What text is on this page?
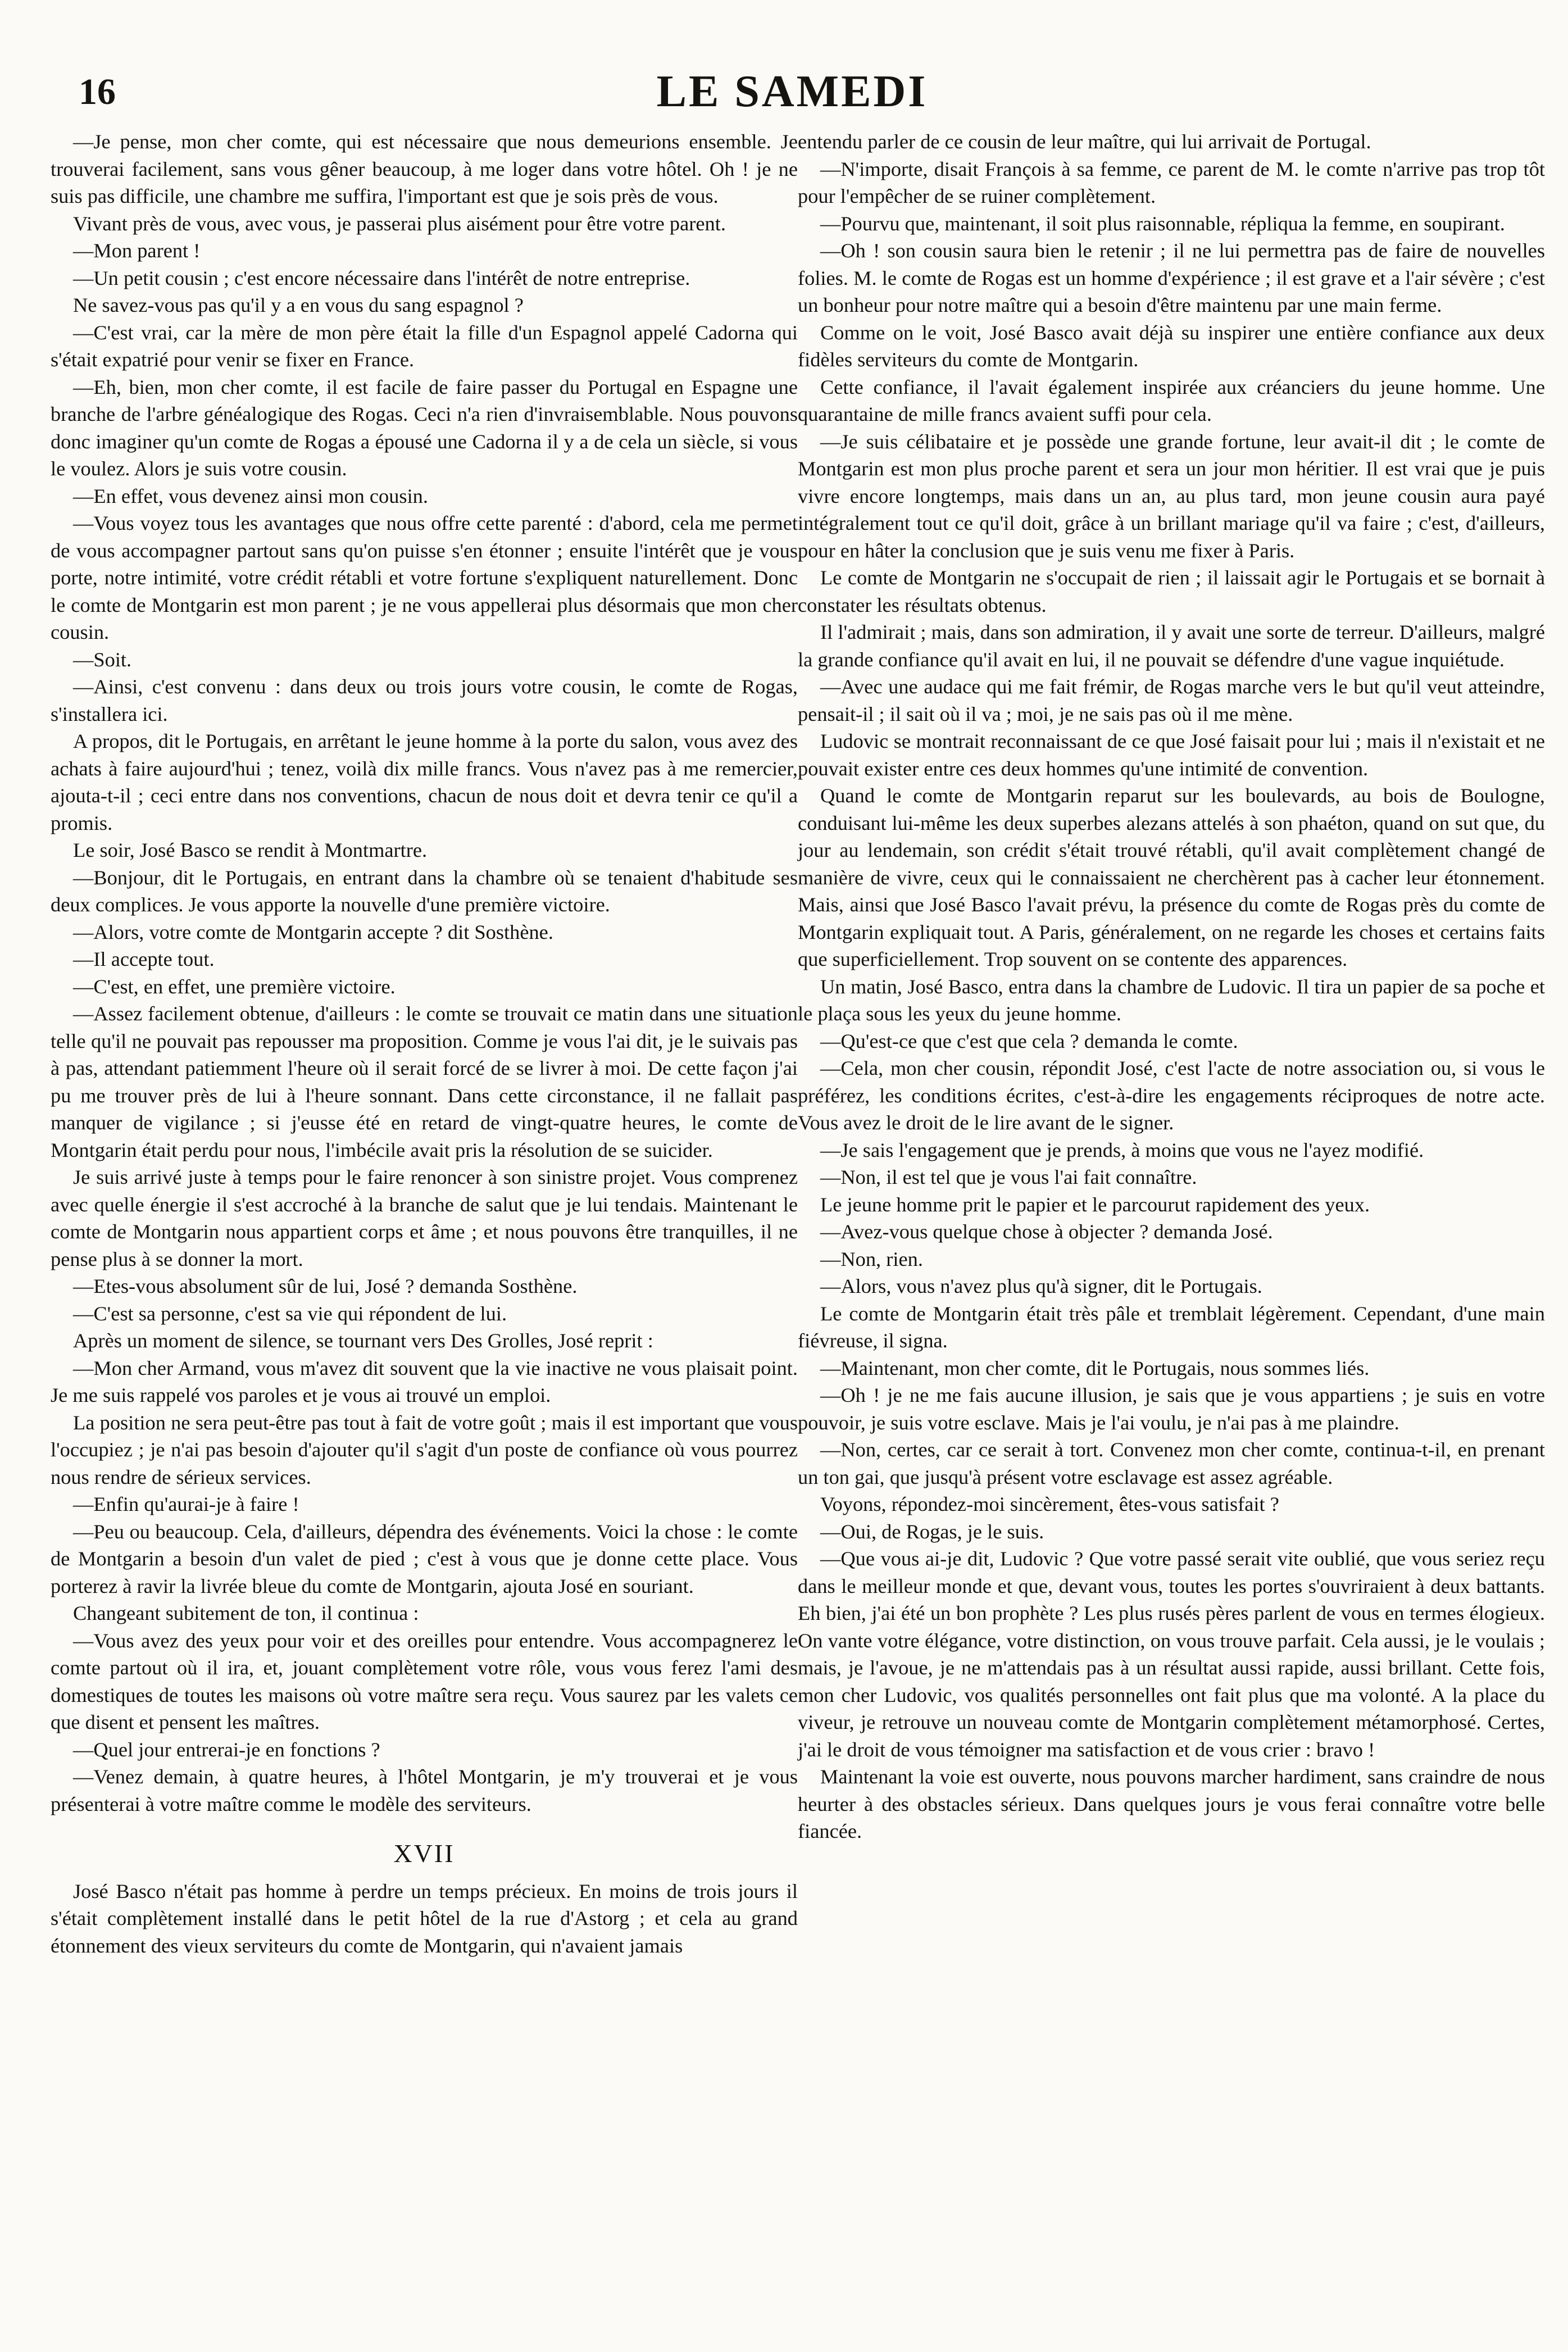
16	LE SAMEDI

—Je pense, mon cher comte, qui est nécessaire que nous demeurions ensemble. Je trouverai facilement, sans vous gêner beaucoup, à me loger dans votre hôtel. Oh ! je ne suis pas difficile, une chambre me suffira, l'important est que je sois près de vous.

Vivant près de vous, avec vous, je passerai plus aisément pour être votre parent.

—Mon parent !

—Un petit cousin ; c'est encore nécessaire dans l'intérêt de notre entreprise.

Ne savez-vous pas qu'il y a en vous du sang espagnol ?

—C'est vrai, car la mère de mon père était la fille d'un Espagnol appelé Cadorna qui s'était expatrié pour venir se fixer en France.

—Eh, bien, mon cher comte, il est facile de faire passer du Portugal en Espagne une branche de l'arbre généalogique des Rogas. Ceci n'a rien d'invraisemblable. Nous pouvons donc imaginer qu'un comte de Rogas a épousé une Cadorna il y a de cela un siècle, si vous le voulez. Alors je suis votre cousin.

—En effet, vous devenez ainsi mon cousin.

—Vous voyez tous les avantages que nous offre cette parenté : d'abord, cela me permet de vous accompagner partout sans qu'on puisse s'en étonner ; ensuite l'intérêt que je vous porte, notre intimité, votre crédit rétabli et votre fortune s'expliquent naturellement. Donc le comte de Montgarin est mon parent ; je ne vous appellerai plus désormais que mon cher cousin.

—Soit.

—Ainsi, c'est convenu : dans deux ou trois jours votre cousin, le comte de Rogas, s'installera ici.

A propos, dit le Portugais, en arrêtant le jeune homme à la porte du salon, vous avez des achats à faire aujourd'hui ; tenez, voilà dix mille francs. Vous n'avez pas à me remercier, ajouta-t-il ; ceci entre dans nos conventions, chacun de nous doit et devra tenir ce qu'il a promis.

Le soir, José Basco se rendit à Montmartre.

—Bonjour, dit le Portugais, en entrant dans la chambre où se tenaient d'habitude ses deux complices. Je vous apporte la nouvelle d'une première victoire.

—Alors, votre comte de Montgarin accepte ? dit Sosthène.

—Il accepte tout.

—C'est, en effet, une première victoire.

—Assez facilement obtenue, d'ailleurs : le comte se trouvait ce matin dans une situation telle qu'il ne pouvait pas repousser ma proposition. Comme je vous l'ai dit, je le suivais pas à pas, attendant patiemment l'heure où il serait forcé de se livrer à moi. De cette façon j'ai pu me trouver près de lui à l'heure sonnant. Dans cette circonstance, il ne fallait pas manquer de vigilance ; si j'eusse été en retard de vingt-quatre heures, le comte de Montgarin était perdu pour nous, l'imbécile avait pris la résolution de se suicider.

Je suis arrivé juste à temps pour le faire renoncer à son sinistre projet. Vous comprenez avec quelle énergie il s'est accroché à la branche de salut que je lui tendais. Maintenant le comte de Montgarin nous appartient corps et âme ; et nous pouvons être tranquilles, il ne pense plus à se donner la mort.

—Etes-vous absolument sûr de lui, José ? demanda Sosthène.

—C'est sa personne, c'est sa vie qui répondent de lui.

Après un moment de silence, se tournant vers Des Grolles, José reprit :

—Mon cher Armand, vous m'avez dit souvent que la vie inactive ne vous plaisait point. Je me suis rappelé vos paroles et je vous ai trouvé un emploi.

La position ne sera peut-être pas tout à fait de votre goût ; mais il est important que vous l'occupiez ; je n'ai pas besoin d'ajouter qu'il s'agit d'un poste de confiance où vous pourrez nous rendre de sérieux services.

—Enfin qu'aurai-je à faire !

—Peu ou beaucoup. Cela, d'ailleurs, dépendra des événements. Voici la chose : le comte de Montgarin a besoin d'un valet de pied ; c'est à vous que je donne cette place. Vous porterez à ravir la livrée bleue du comte de Montgarin, ajouta José en souriant.

Changeant subitement de ton, il continua :

—Vous avez des yeux pour voir et des oreilles pour entendre. Vous accompagnerez le comte partout où il ira, et, jouant complètement votre rôle, vous vous ferez l'ami des domestiques de toutes les maisons où votre maître sera reçu. Vous saurez par les valets ce que disent et pensent les maîtres.

—Quel jour entrerai-je en fonctions ?

—Venez demain, à quatre heures, à l'hôtel Montgarin, je m'y trouverai et je vous présenterai à votre maître comme le modèle des serviteurs.

XVII

José Basco n'était pas homme à perdre un temps précieux. En moins de trois jours il s'était complètement installé dans le petit hôtel de la rue d'Astorg ; et cela au grand étonnement des vieux serviteurs du comte de Montgarin, qui n'avaient jamais

entendu parler de ce cousin de leur maître, qui lui arrivait de Portugal.

—N'importe, disait François à sa femme, ce parent de M. le comte n'arrive pas trop tôt pour l'empêcher de se ruiner complètement.

—Pourvu que, maintenant, il soit plus raisonnable, répliqua la femme, en soupirant.

—Oh ! son cousin saura bien le retenir ; il ne lui permettra pas de faire de nouvelles folies. M. le comte de Rogas est un homme d'expérience ; il est grave et a l'air sévère ; c'est un bonheur pour notre maître qui a besoin d'être maintenu par une main ferme.

Comme on le voit, José Basco avait déjà su inspirer une entière confiance aux deux fidèles serviteurs du comte de Montgarin.

Cette confiance, il l'avait également inspirée aux créanciers du jeune homme. Une quarantaine de mille francs avaient suffi pour cela.

—Je suis célibataire et je possède une grande fortune, leur avait-il dit ; le comte de Montgarin est mon plus proche parent et sera un jour mon héritier. Il est vrai que je puis vivre encore longtemps, mais dans un an, au plus tard, mon jeune cousin aura payé intégralement tout ce qu'il doit, grâce à un brillant mariage qu'il va faire ; c'est, d'ailleurs, pour en hâter la conclusion que je suis venu me fixer à Paris.

Le comte de Montgarin ne s'occupait de rien ; il laissait agir le Portugais et se bornait à constater les résultats obtenus.

Il l'admirait ; mais, dans son admiration, il y avait une sorte de terreur. D'ailleurs, malgré la grande confiance qu'il avait en lui, il ne pouvait se défendre d'une vague inquiétude.

—Avec une audace qui me fait frémir, de Rogas marche vers le but qu'il veut atteindre, pensait-il ; il sait où il va ; moi, je ne sais pas où il me mène.

Ludovic se montrait reconnaissant de ce que José faisait pour lui ; mais il n'existait et ne pouvait exister entre ces deux hommes qu'une intimité de convention.

Quand le comte de Montgarin reparut sur les boulevards, au bois de Boulogne, conduisant lui-même les deux superbes alezans attelés à son phaéton, quand on sut que, du jour au lendemain, son crédit s'était trouvé rétabli, qu'il avait complètement changé de manière de vivre, ceux qui le connaissaient ne cherchèrent pas à cacher leur étonnement. Mais, ainsi que José Basco l'avait prévu, la présence du comte de Rogas près du comte de Montgarin expliquait tout. A Paris, généralement, on ne regarde les choses et certains faits que superficiellement. Trop souvent on se contente des apparences.

Un matin, José Basco, entra dans la chambre de Ludovic. Il tira un papier de sa poche et le plaça sous les yeux du jeune homme.

—Qu'est-ce que c'est que cela ? demanda le comte.

—Cela, mon cher cousin, répondit José, c'est l'acte de notre association ou, si vous le préférez, les conditions écrites, c'est-à-dire les engagements réciproques de notre acte. Vous avez le droit de le lire avant de le signer.

—Je sais l'engagement que je prends, à moins que vous ne l'ayez modifié.

—Non, il est tel que je vous l'ai fait connaître.

Le jeune homme prit le papier et le parcourut rapidement des yeux.

—Avez-vous quelque chose à objecter ? demanda José.

—Non, rien.

—Alors, vous n'avez plus qu'à signer, dit le Portugais.

Le comte de Montgarin était très pâle et tremblait légèrement. Cependant, d'une main fiévreuse, il signa.

—Maintenant, mon cher comte, dit le Portugais, nous sommes liés.

—Oh ! je ne me fais aucune illusion, je sais que je vous appartiens ; je suis en votre pouvoir, je suis votre esclave. Mais je l'ai voulu, je n'ai pas à me plaindre.

—Non, certes, car ce serait à tort. Convenez mon cher comte, continua-t-il, en prenant un ton gai, que jusqu'à présent votre esclavage est assez agréable.

Voyons, répondez-moi sincèrement, êtes-vous satisfait ?

—Oui, de Rogas, je le suis.

—Que vous ai-je dit, Ludovic ? Que votre passé serait vite oublié, que vous seriez reçu dans le meilleur monde et que, devant vous, toutes les portes s'ouvriraient à deux battants. Eh bien, j'ai été un bon prophète ? Les plus rusés pères parlent de vous en termes élogieux. On vante votre élégance, votre distinction, on vous trouve parfait. Cela aussi, je le voulais ; mais, je l'avoue, je ne m'attendais pas à un résultat aussi rapide, aussi brillant. Cette fois, mon cher Ludovic, vos qualités personnelles ont fait plus que ma volonté. A la place du viveur, je retrouve un nouveau comte de Montgarin complètement métamorphosé. Certes, j'ai le droit de vous témoigner ma satisfaction et de vous crier : bravo !

Maintenant la voie est ouverte, nous pouvons marcher hardiment, sans craindre de nous heurter à des obstacles sérieux. Dans quelques jours je vous ferai connaître votre belle fiancée.
